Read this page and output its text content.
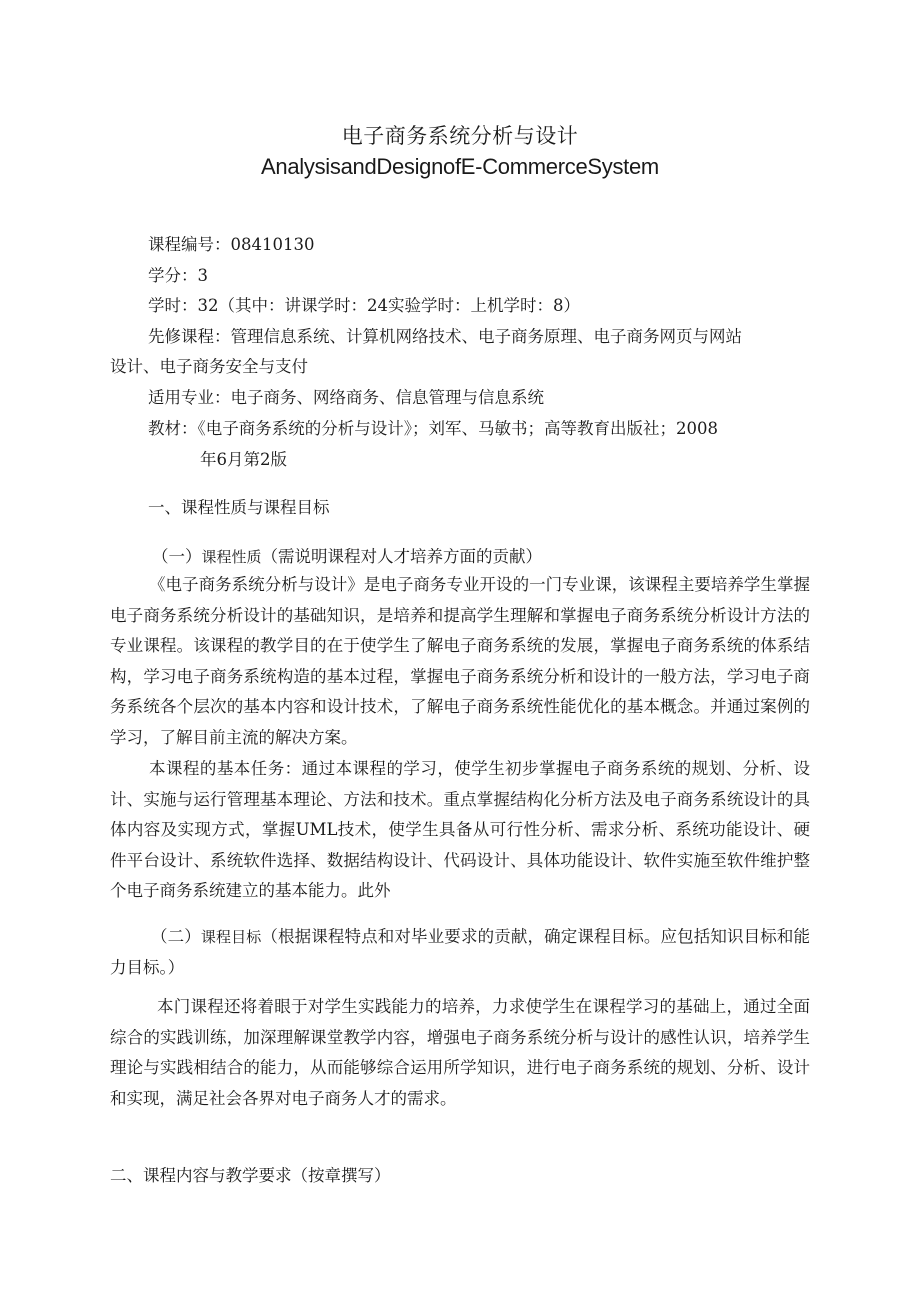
电子商务系统分析与设计
AnalysisandDesignofE-CommerceSystem
课程编号：08410130
学分：3
学时：32（其中：讲课学时：24实验学时：上机学时：8）
先修课程：管理信息系统、计算机网络技术、电子商务原理、电子商务网页与网站
设计、电子商务安全与支付
适用专业：电子商务、网络商务、信息管理与信息系统
教材：《电子商务系统的分析与设计》；刘军、马敏书；高等教育出版社；2008
年6月第2版
一、课程性质与课程目标
（一）课程性质（需说明课程对人才培养方面的贡献）
《电子商务系统分析与设计》是电子商务专业开设的一门专业课，该课程主要培养学生掌握电子商务系统分析设计的基础知识，是培养和提高学生理解和掌握电子商务系统分析设计方法的专业课程。该课程的教学目的在于使学生了解电子商务系统的发展，掌握电子商务系统的体系结构，学习电子商务系统构造的基本过程，掌握电子商务系统分析和设计的一般方法，学习电子商务系统各个层次的基本内容和设计技术，了解电子商务系统性能优化的基本概念。并通过案例的学习，了解目前主流的解决方案。
本课程的基本任务：通过本课程的学习，使学生初步掌握电子商务系统的规划、分析、设计、实施与运行管理基本理论、方法和技术。重点掌握结构化分析方法及电子商务系统设计的具体内容及实现方式，掌握UML技术，使学生具备从可行性分析、需求分析、系统功能设计、硬件平台设计、系统软件选择、数据结构设计、代码设计、具体功能设计、软件实施至软件维护整个电子商务系统建立的基本能力。此外
（二）课程目标（根据课程特点和对毕业要求的贡献，确定课程目标。应包括知识目标和能力目标。）
本门课程还将着眼于对学生实践能力的培养，力求使学生在课程学习的基础上，通过全面综合的实践训练，加深理解课堂教学内容，增强电子商务系统分析与设计的感性认识，培养学生理论与实践相结合的能力，从而能够综合运用所学知识，进行电子商务系统的规划、分析、设计和实现，满足社会各界对电子商务人才的需求。
二、课程内容与教学要求（按章撰写）
